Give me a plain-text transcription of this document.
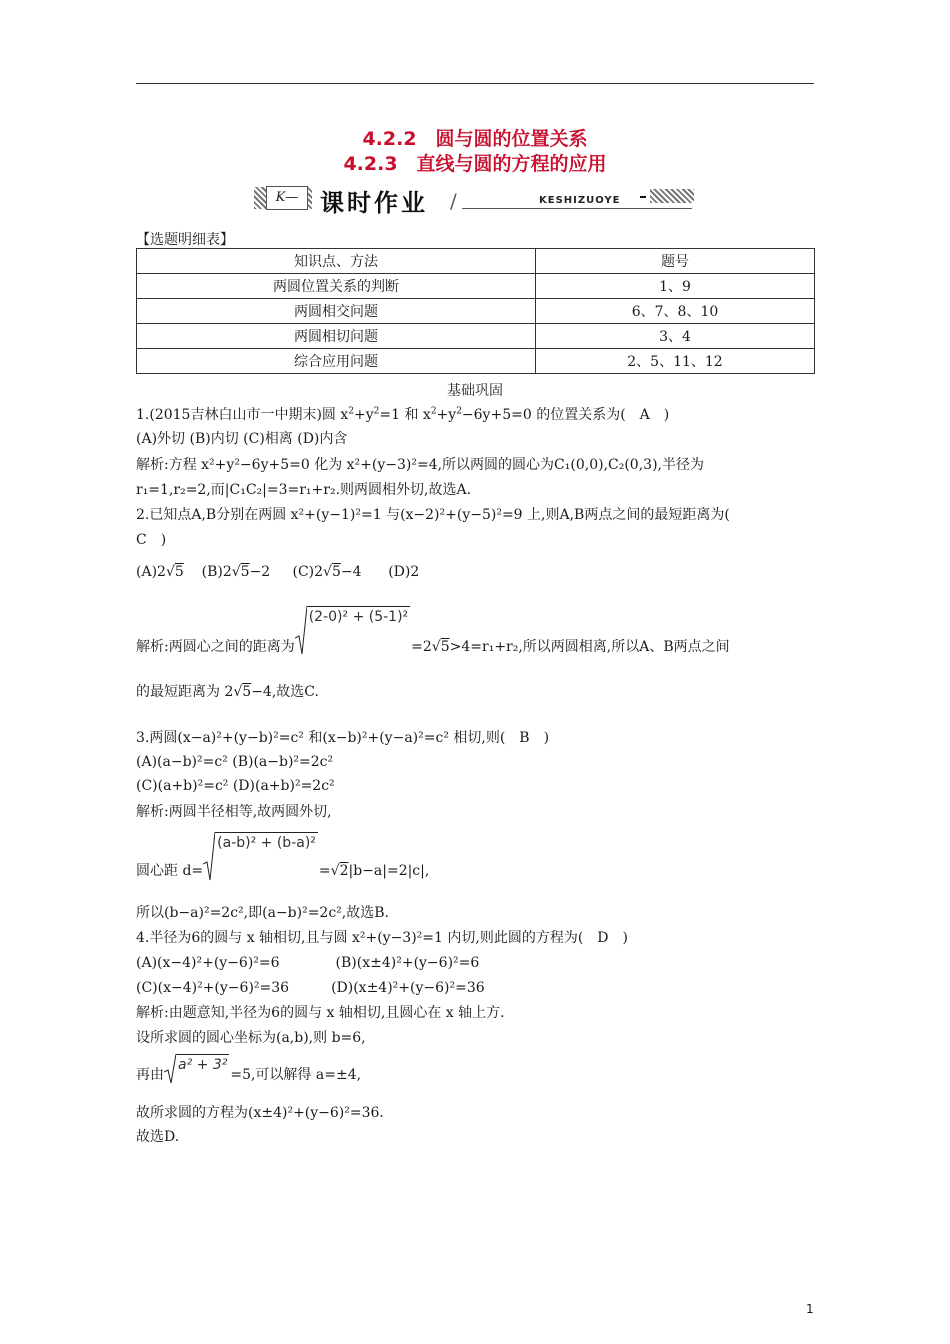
4.2.2　圆与圆的位置关系
4.2.3　直线与圆的方程的应用
K— 课时作业 /	KESHIZUOYE
【选题明细表】
知识点、方法	题号
两圆位置关系的判断	1、9
两圆相交问题	6、7、8、10
两圆相切问题	3、4
综合应用问题	2、5、11、12
基础巩固
1.(2015吉林白山市一中期末)圆 $x^2+y^2=1$ 和 $x^2+y^2-6y+5=0$ 的位置关系为(　A　)
(A)外切 (B)内切 (C)相离 (D)内含
解析:方程 x²+y²−6y+5=0 化为 x²+(y−3)²=4,所以两圆的圆心为C₁(0,0),C₂(0,3),半径为
r₁=1,r₂=2,而|C₁C₂|=3=r₁+r₂.则两圆相外切,故选A.
2.已知点A,B分别在两圆 x²+(y−1)²=1 与(x−2)²+(y−5)²=9 上,则A,B两点之间的最短距离为(
C　)
(A)2√5 (B)2√5−2 (C)2√5−4 (D)2
解析:两圆心之间的距离为
(2-0)² + (5-1)²=2√5>4=r₁+r₂,所以两圆相离,所以A、B两点之间
的最短距离为 2√5−4,故选C.
3.两圆(x−a)²+(y−b)²=c² 和(x−b)²+(y−a)²=c² 相切,则(　B　)
(A)(a−b)²=c² (B)(a−b)²=2c²
(C)(a+b)²=c² (D)(a+b)²=2c²
解析:两圆半径相等,故两圆外切,
圆心距 d=
(a-b)² + (b-a)²=√2|b−a|=2|c|,
所以(b−a)²=2c²,即(a−b)²=2c²,故选B.
4.半径为6的圆与 x 轴相切,且与圆 x²+(y−3)²=1 内切,则此圆的方程为(　D　)
(A)(x−4)²+(y−6)²=6　　　　(B)(x±4)²+(y−6)²=6
(C)(x−4)²+(y−6)²=36　　　(D)(x±4)²+(y−6)²=36
解析:由题意知,半径为6的圆与 x 轴相切,且圆心在 x 轴上方.
设所求圆的圆心坐标为(a,b),则 b=6,
再由
a² + 3²=5,可以解得 a=±4,
故所求圆的方程为(x±4)²+(y−6)²=36.
故选D.
1
